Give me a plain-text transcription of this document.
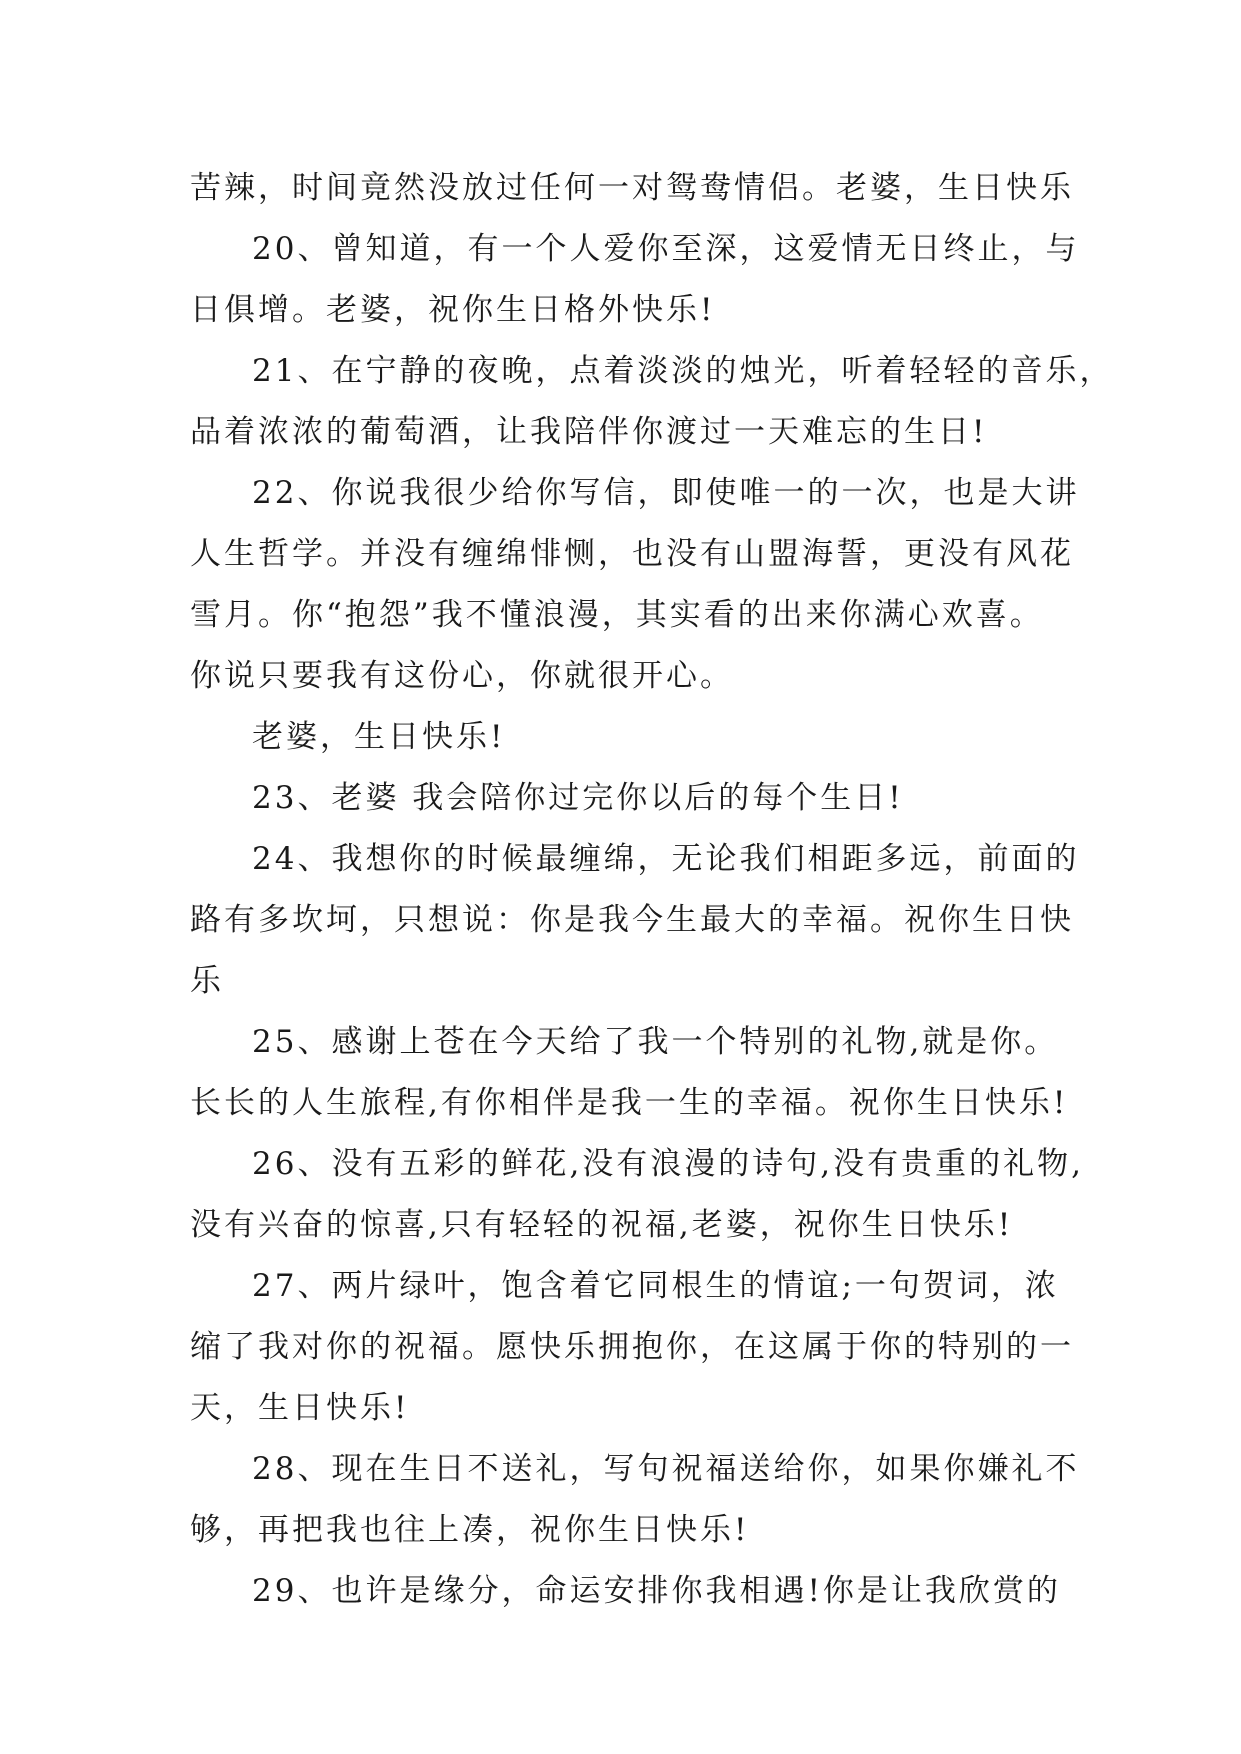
苦辣，时间竟然没放过任何一对鸳鸯情侣。老婆，生日快乐
20、曾知道，有一个人爱你至深，这爱情无日终止，与
日俱增。老婆，祝你生日格外快乐!
21、在宁静的夜晚，点着淡淡的烛光，听着轻轻的音乐，
品着浓浓的葡萄酒，让我陪伴你渡过一天难忘的生日!
22、你说我很少给你写信，即使唯一的一次，也是大讲
人生哲学。并没有缠绵悱恻，也没有山盟海誓，更没有风花
雪月。你“抱怨”我不懂浪漫，其实看的出来你满心欢喜。
你说只要我有这份心，你就很开心。
老婆，生日快乐!
23、老婆 我会陪你过完你以后的每个生日!
24、我想你的时候最缠绵，无论我们相距多远，前面的
路有多坎坷，只想说：你是我今生最大的幸福。祝你生日快
乐
25、感谢上苍在今天给了我一个特别的礼物,就是你。
长长的人生旅程,有你相伴是我一生的幸福。祝你生日快乐!
26、没有五彩的鲜花,没有浪漫的诗句,没有贵重的礼物,
没有兴奋的惊喜,只有轻轻的祝福,老婆，祝你生日快乐!
27、两片绿叶，饱含着它同根生的情谊;一句贺词，浓
缩了我对你的祝福。愿快乐拥抱你，在这属于你的特别的一
天，生日快乐!
28、现在生日不送礼，写句祝福送给你，如果你嫌礼不
够，再把我也往上凑，祝你生日快乐!
29、也许是缘分，命运安排你我相遇!你是让我欣赏的
